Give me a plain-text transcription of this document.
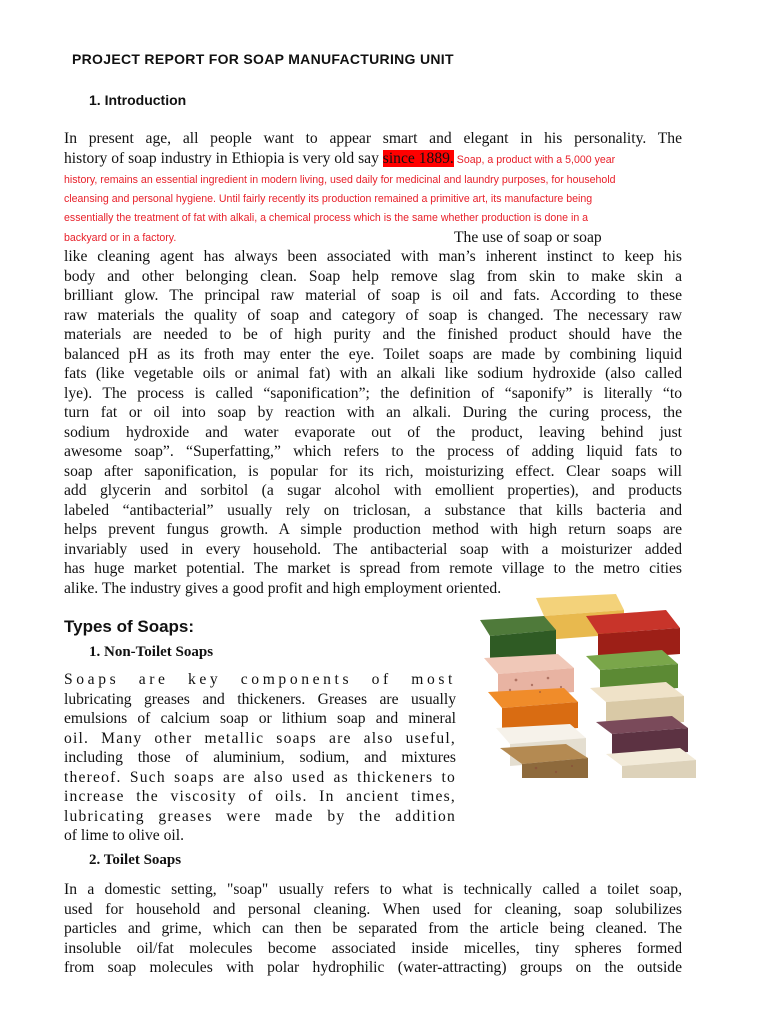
PROJECT REPORT FOR SOAP MANUFACTURING UNIT
1. Introduction
In present age, all people want to appear smart and elegant in his personality. The
history of soap industry in Ethiopia is very old say since 1889. Soap, a product with a 5,000 year
history, remains an essential ingredient in modern living, used daily for medicinal and laundry purposes, for household
cleansing and personal hygiene. Until fairly recently its production remained a primitive art, its manufacture being
essentially the treatment of fat with alkali, a chemical process which is the same whether production is done in a
backyard or in a factory.	The use of soap or soap
like cleaning agent has always been associated with man’s inherent instinct to keep his
body and other belonging clean. Soap help remove slag from skin to make skin a
brilliant glow. The principal raw material of soap is oil and fats. According to these
raw materials the quality of soap and category of soap is changed. The necessary raw
materials are needed to be of high purity and the finished product should have the
balanced pH as its froth may enter the eye. Toilet soaps are made by combining liquid
fats (like vegetable oils or animal fat) with an alkali like sodium hydroxide (also called
lye). The process is called “saponification”; the definition of “saponify” is literally “to
turn fat or oil into soap by reaction with an alkali. During the curing process, the
sodium hydroxide and water evaporate out of the product, leaving behind just
awesome soap”. “Superfatting,” which refers to the process of adding liquid fats to
soap after saponification, is popular for its rich, moisturizing effect. Clear soaps will
add glycerin and sorbitol (a sugar alcohol with emollient properties), and products
labeled “antibacterial” usually rely on triclosan, a substance that kills bacteria and
helps prevent fungus growth. A simple production method with high return soaps are
invariably used in every household. The antibacterial soap with a moisturizer added
has huge market potential. The market is spread from remote village to the metro cities
alike. The industry gives a good profit and high employment oriented.
Types of Soaps:
1. Non-Toilet Soaps
Soaps are key components of most
lubricating greases and thickeners. Greases are usually
emulsions of calcium soap or lithium soap and mineral
oil. Many other metallic soaps are also useful,
including those of aluminium, sodium, and mixtures
thereof. Such soaps are also used as thickeners to
increase the viscosity of oils. In ancient times,
lubricating greases were made by the addition
of lime to olive oil.
2. Toilet Soaps
In a domestic setting, "soap" usually refers to what is technically called a toilet soap,
used for household and personal cleaning. When used for cleaning, soap solubilizes
particles and grime, which can then be separated from the article being cleaned. The
insoluble oil/fat molecules become associated inside micelles, tiny spheres formed
from soap molecules with polar hydrophilic (water-attracting) groups on the outside
